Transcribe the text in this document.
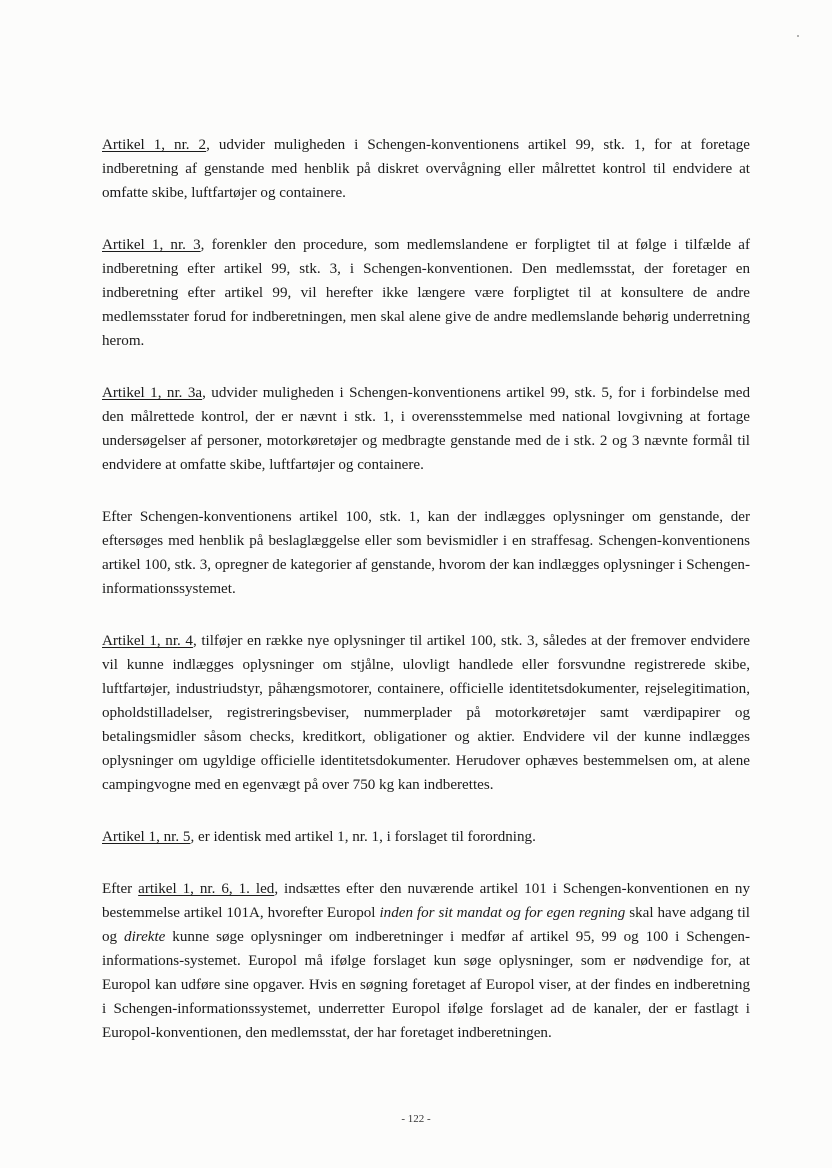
Artikel 1, nr. 2, udvider muligheden i Schengen-konventionens artikel 99, stk. 1, for at foretage indberetning af genstande med henblik på diskret overvågning eller målrettet kontrol til endvidere at omfatte skibe, luftfartøjer og containere.

Artikel 1, nr. 3, forenkler den procedure, som medlemslandene er forpligtet til at følge i tilfælde af indberetning efter artikel 99, stk. 3, i Schengen-konventionen. Den medlemsstat, der foretager en indberetning efter artikel 99, vil herefter ikke længere være forpligtet til at konsultere de andre medlemsstater forud for indberetningen, men skal alene give de andre medlemslande behørig underretning herom.

Artikel 1, nr. 3a, udvider muligheden i Schengen-konventionens artikel 99, stk. 5, for i forbindelse med den målrettede kontrol, der er nævnt i stk. 1, i overensstemmelse med national lovgivning at fortage undersøgelser af personer, motorkøretøjer og medbragte genstande med de i stk. 2 og 3 nævnte formål til endvidere at omfatte skibe, luftfartøjer og containere.

Efter Schengen-konventionens artikel 100, stk. 1, kan der indlægges oplysninger om genstande, der eftersøges med henblik på beslaglæggelse eller som bevismidler i en straffesag. Schengen-konventionens artikel 100, stk. 3, opregner de kategorier af genstande, hvorom der kan indlægges oplysninger i Schengen-informationssystemet.

Artikel 1, nr. 4, tilføjer en række nye oplysninger til artikel 100, stk. 3, således at der fremover endvidere vil kunne indlægges oplysninger om stjålne, ulovligt handlede eller forsvundne registrerede skibe, luftfartøjer, industriudstyr, påhængsmotorer, containere, officielle identitetsdokumenter, rejselegitimation, opholdstilladelser, registreringsbeviser, nummerplader på motorkøretøjer samt værdipapirer og betalingsmidler såsom checks, kreditkort, obligationer og aktier. Endvidere vil der kunne indlægges oplysninger om ugyldige officielle identitetsdokumenter. Herudover ophæves bestemmelsen om, at alene campingvogne med en egenvægt på over 750 kg kan indberettes.

Artikel 1, nr. 5, er identisk med artikel 1, nr. 1, i forslaget til forordning.

Efter artikel 1, nr. 6, 1. led, indsættes efter den nuværende artikel 101 i Schengen-konventionen en ny bestemmelse artikel 101A, hvorefter Europol inden for sit mandat og for egen regning skal have adgang til og direkte kunne søge oplysninger om indberetninger i medfør af artikel 95, 99 og 100 i Schengen-informations-systemet. Europol må ifølge forslaget kun søge oplysninger, som er nødvendige for, at Europol kan udføre sine opgaver. Hvis en søgning foretaget af Europol viser, at der findes en indberetning i Schengen-informationssystemet, underretter Europol ifølge forslaget ad de kanaler, der er fastlagt i Europol-konventionen, den medlemsstat, der har foretaget indberetningen.

- 122 -
